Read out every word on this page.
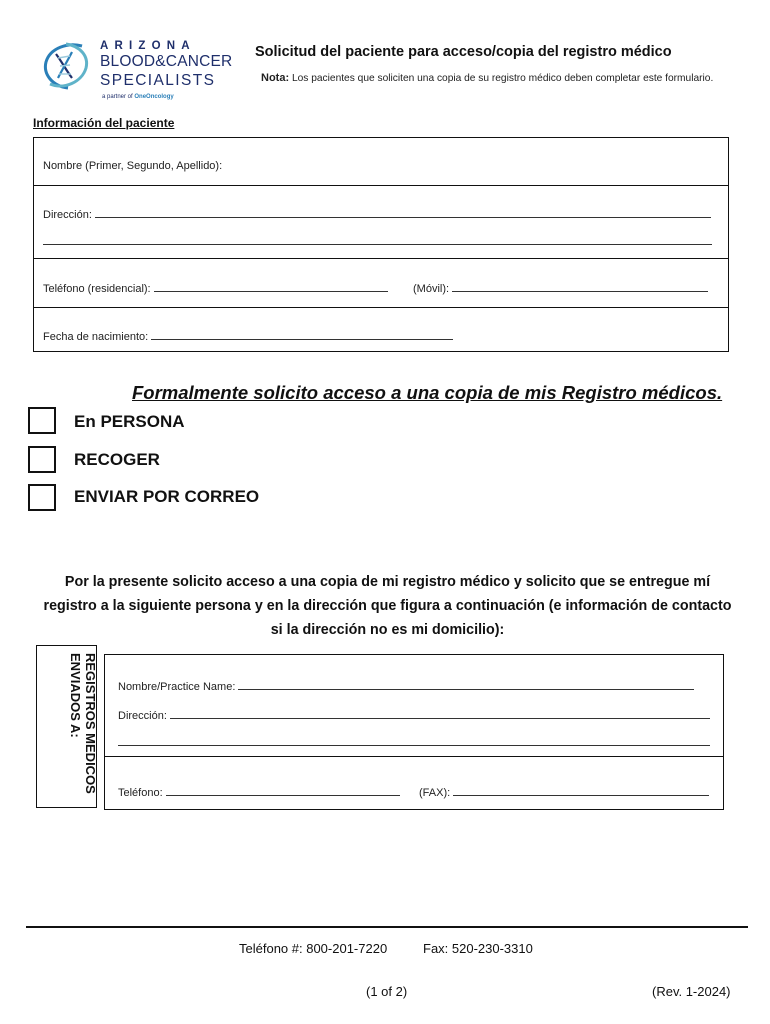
ARIZONA
BLOOD&CANCER
SPECIALISTS
a partner of OneOncology
Solicitud del paciente para acceso/copia del registro médico
Nota: Los pacientes que soliciten una copia de su registro médico deben completar este formulario.
Información del paciente
Nombre (Primer, Segundo, Apellido):
Dirección:
Teléfono (residencial):	(Móvil):
Fecha de nacimiento:
Formalmente solicito acceso a una copia de mis Registro médicos.
En PERSONA
RECOGER
ENVIAR POR CORREO
Por la presente solicito acceso a una copia de mi registro médico y solicito que se entregue mí registro a la siguiente persona y en la dirección que figura a continuación (e información de contacto si la dirección no es mi domicilio):
REGISTROS MEDICOS
ENVIADOS A:	Nombre/Practice Name:
Dirección:
Teléfono:	(FAX):
Teléfono #: 800-201-7220	Fax: 520-230-3310
(1 of 2)	(Rev. 1-2024)
